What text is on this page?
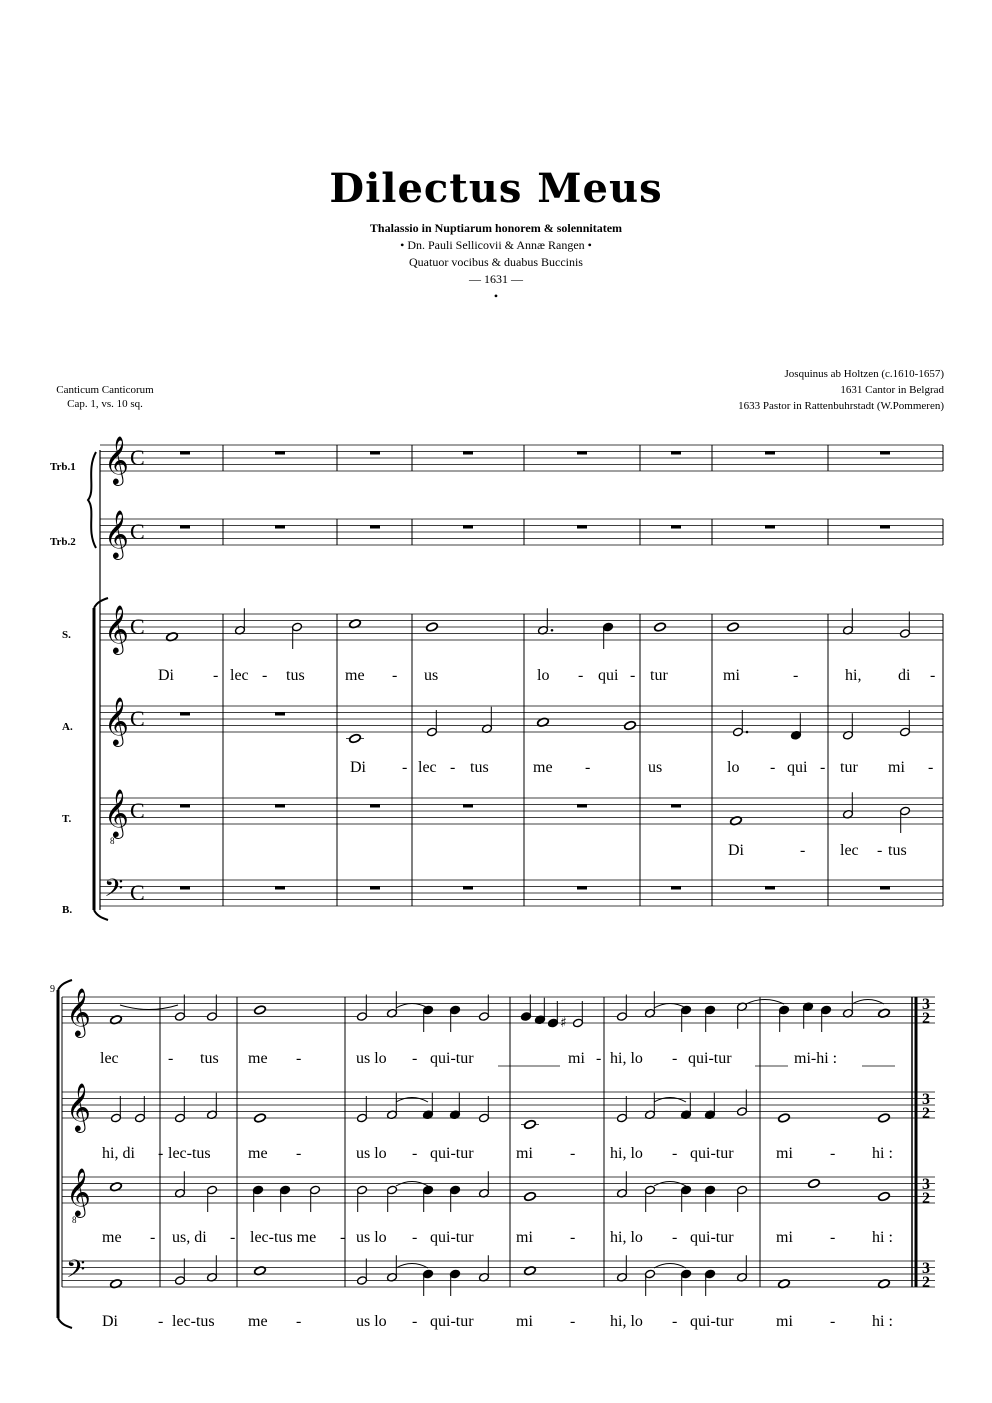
Dilectus Meus
Thalassio in Nuptiarum honorem & solennitatem
• Dn. Pauli Sellicovii & Annæ Rangen •
Quatuor vocibus & duabus Buccinis
— 1631 —
•
Canticum Canticorum
Cap. 1, vs. 10 sq.
Josquinus ab Holtzen (c.1610-1657)
1631 Cantor in Belgrad
1633 Pastor in Rattenbuhrstadt (W.Pommeren)
Trb.1
Trb.2
S.
A.
T.
B.
𝄞 C
𝄞 C
𝄞 C
𝄞 C
𝄞
8
C
𝄢 C
Di - lec - tus	me - us	lo - qui - tur	mi	-	hi, di -
Di - lec - tus	me -	us	lo - qui - tur mi -
Di	- lec - tus
9 𝄞	3
2
𝄞	3
2
𝄞
8
3
2
𝄢	3
2
♯
lec	- tus me -	us lo - qui-tur	mi - hi, lo - qui-tur	mi-hi :
hi, di - lec-tus me -	us lo - qui-tur	mi - hi, lo - qui-tur	mi - hi :
me - us, di - lec-tus me - us lo - qui-tur	mi - hi, lo - qui-tur	mi - hi :
Di	- lec-tus me -	us lo - qui-tur	mi - hi, lo - qui-tur	mi - hi :
